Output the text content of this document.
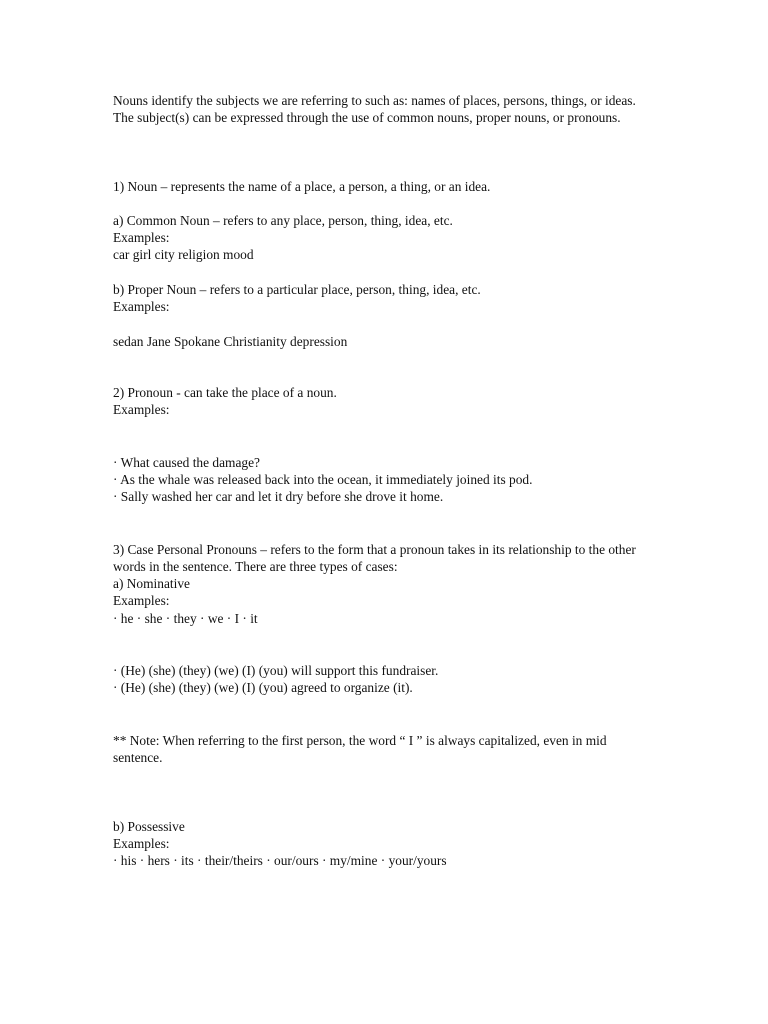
Nouns identify the subjects we are referring to such as: names of places, persons, things, or ideas. The subject(s) can be expressed through the use of common nouns, proper nouns, or pronouns.
1) Noun – represents the name of a place, a person, a thing, or an idea.
a) Common Noun – refers to any place, person, thing, idea, etc.
Examples:
car girl city religion mood
b) Proper Noun – refers to a particular place, person, thing, idea, etc.
Examples:
sedan Jane Spokane Christianity depression
2) Pronoun - can take the place of a noun.
Examples:
· What caused the damage?
· As the whale was released back into the ocean, it immediately joined its pod.
· Sally washed her car and let it dry before she drove it home.
3) Case Personal Pronouns – refers to the form that a pronoun takes in its relationship to the other words in the sentence. There are three types of cases:
a) Nominative
Examples:
· he · she · they · we · I · it
· (He) (she) (they) (we) (I) (you) will support this fundraiser.
· (He) (she) (they) (we) (I) (you) agreed to organize (it).
** Note: When referring to the first person, the word “ I ” is always capitalized, even in mid sentence.
b) Possessive
Examples:
· his · hers · its · their/theirs · our/ours · my/mine · your/yours
